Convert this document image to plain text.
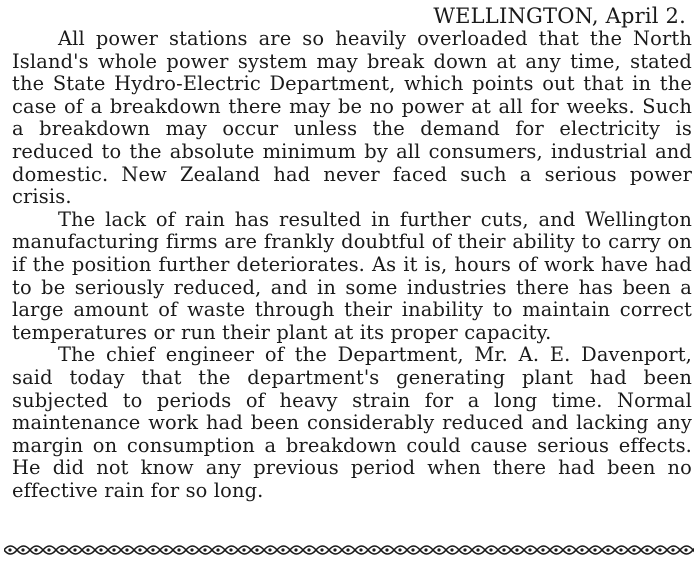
WELLINGTON, April 2.

All power stations are so heavily overloaded that the North Island's whole power system may break down at any time, stated the State Hydro-Electric Department, which points out that in the case of a breakdown there may be no power at all for weeks. Such a breakdown may occur unless the demand for electricity is reduced to the absolute minimum by all consumers, industrial and domestic. New Zealand had never faced such a serious power crisis.

The lack of rain has resulted in further cuts, and Wellington manufacturing firms are frankly doubtful of their ability to carry on if the position further deteriorates. As it is, hours of work have had to be seriously reduced, and in some industries there has been a large amount of waste through their inability to maintain correct temperatures or run their plant at its proper capacity.

The chief engineer of the Department, Mr. A. E. Davenport, said today that the department's generating plant had been subjected to periods of heavy strain for a long time. Normal maintenance work had been considerably reduced and lacking any margin on consumption a breakdown could cause serious effects. He did not know any previous period when there had been no effective rain for so long.
